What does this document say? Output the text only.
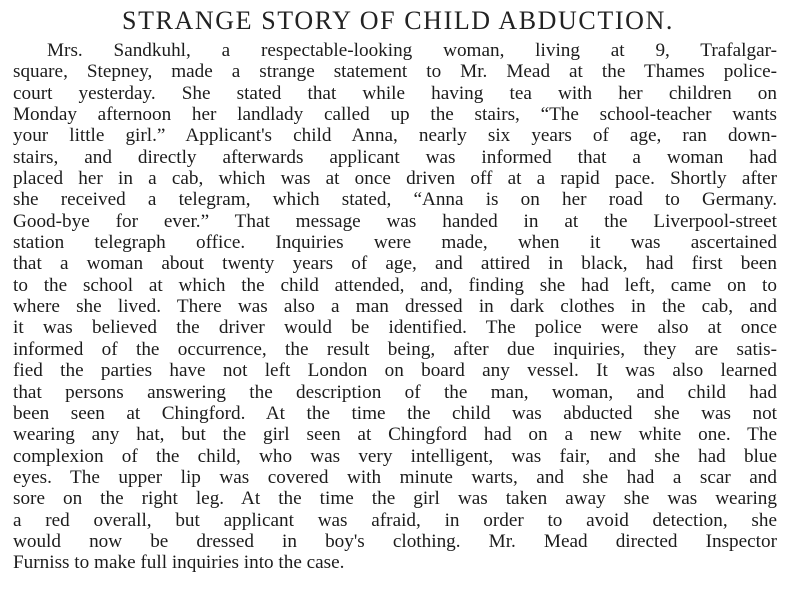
STRANGE STORY OF CHILD ABDUCTION.
Mrs. Sandkuhl, a respectable-looking woman, living at 9, Trafalgar-
square, Stepney, made a strange statement to Mr. Mead at the Thames police-
court yesterday. She stated that while having tea with her children on
Monday afternoon her landlady called up the stairs, “The school-teacher wants
your little girl.” Applicant's child Anna, nearly six years of age, ran down-
stairs, and directly afterwards applicant was informed that a woman had
placed her in a cab, which was at once driven off at a rapid pace. Shortly after
she received a telegram, which stated, “Anna is on her road to Germany.
Good-bye for ever.” That message was handed in at the Liverpool-street
station telegraph office. Inquiries were made, when it was ascertained
that a woman about twenty years of age, and attired in black, had first been
to the school at which the child attended, and, finding she had left, came on to
where she lived. There was also a man dressed in dark clothes in the cab, and
it was believed the driver would be identified. The police were also at once
informed of the occurrence, the result being, after due inquiries, they are satis-
fied the parties have not left London on board any vessel. It was also learned
that persons answering the description of the man, woman, and child had
been seen at Chingford. At the time the child was abducted she was not
wearing any hat, but the girl seen at Chingford had on a new white one. The
complexion of the child, who was very intelligent, was fair, and she had blue
eyes. The upper lip was covered with minute warts, and she had a scar and
sore on the right leg. At the time the girl was taken away she was wearing
a red overall, but applicant was afraid, in order to avoid detection, she
would now be dressed in boy's clothing. Mr. Mead directed Inspector
Furniss to make full inquiries into the case.
